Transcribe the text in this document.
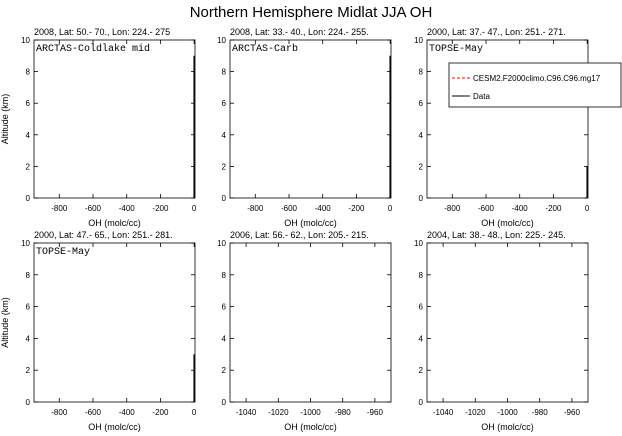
Northern Hemisphere Midlat JJA OH
2008, Lat: 50.- 70., Lon: 224.- 275
-800 -600 -400 -200	0
0
2
4
6
8
10
OH (molc/cc)
Altitude (km)
ARCTAS-Coldlake mid
2008, Lat: 33.- 40., Lon: 224.- 255.
-800 -600 -400 -200	0
0
2
4
6
8
10
OH (molc/cc)
ARCTAS-Carb
2000, Lat: 37.- 47., Lon: 251.- 271.
-800 -600 -400 -200	0
0
2
4
6
8
10
OH (molc/cc)
TOPSE-May
2000, Lat: 47.- 65., Lon: 251.- 281.
-800 -600 -400 -200	0
0
2
4
6
8
10
OH (molc/cc)
Altitude (km)
TOPSE-May
2006, Lat: 56.- 62., Lon: 205.- 215.
-1040 -1020 -1000 -980 -960
0
2
4
6
8
10
OH (molc/cc)
2004, Lat: 38.- 48., Lon: 225.- 245.
-1040 -1020 -1000 -980 -960
0
2
4
6
8
10
OH (molc/cc)
CESM2.F2000climo.C96.C96.mg17
Data
